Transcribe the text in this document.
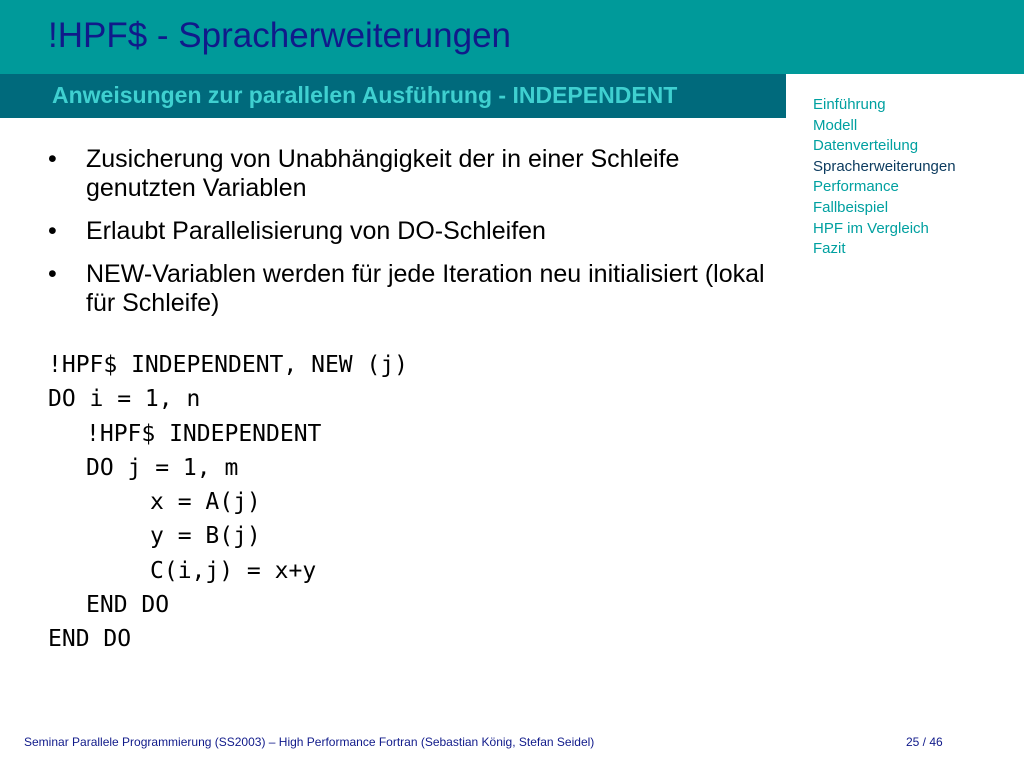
!HPF$ - Spracherweiterungen
Anweisungen zur parallelen Ausführung - INDEPENDENT	Einführung
Modell
Datenverteilung
Spracherweiterungen
Performance
Fallbeispiel
HPF im Vergleich
Fazit
• Zusicherung von Unabhängigkeit der in einer Schleife genutzten Variablen
• Erlaubt Parallelisierung von DO-Schleifen
• NEW-Variablen werden für jede Iteration neu initialisiert (lokal für Schleife)
!HPF$ INDEPENDENT, NEW (j)
DO i = 1, n
!HPF$ INDEPENDENT
DO j = 1, m
x = A(j)
y = B(j)
C(i,j) = x+y
END DO
END DO
Seminar Parallele Programmierung (SS2003) – High Performance Fortran (Sebastian König, Stefan Seidel)	25 / 46
